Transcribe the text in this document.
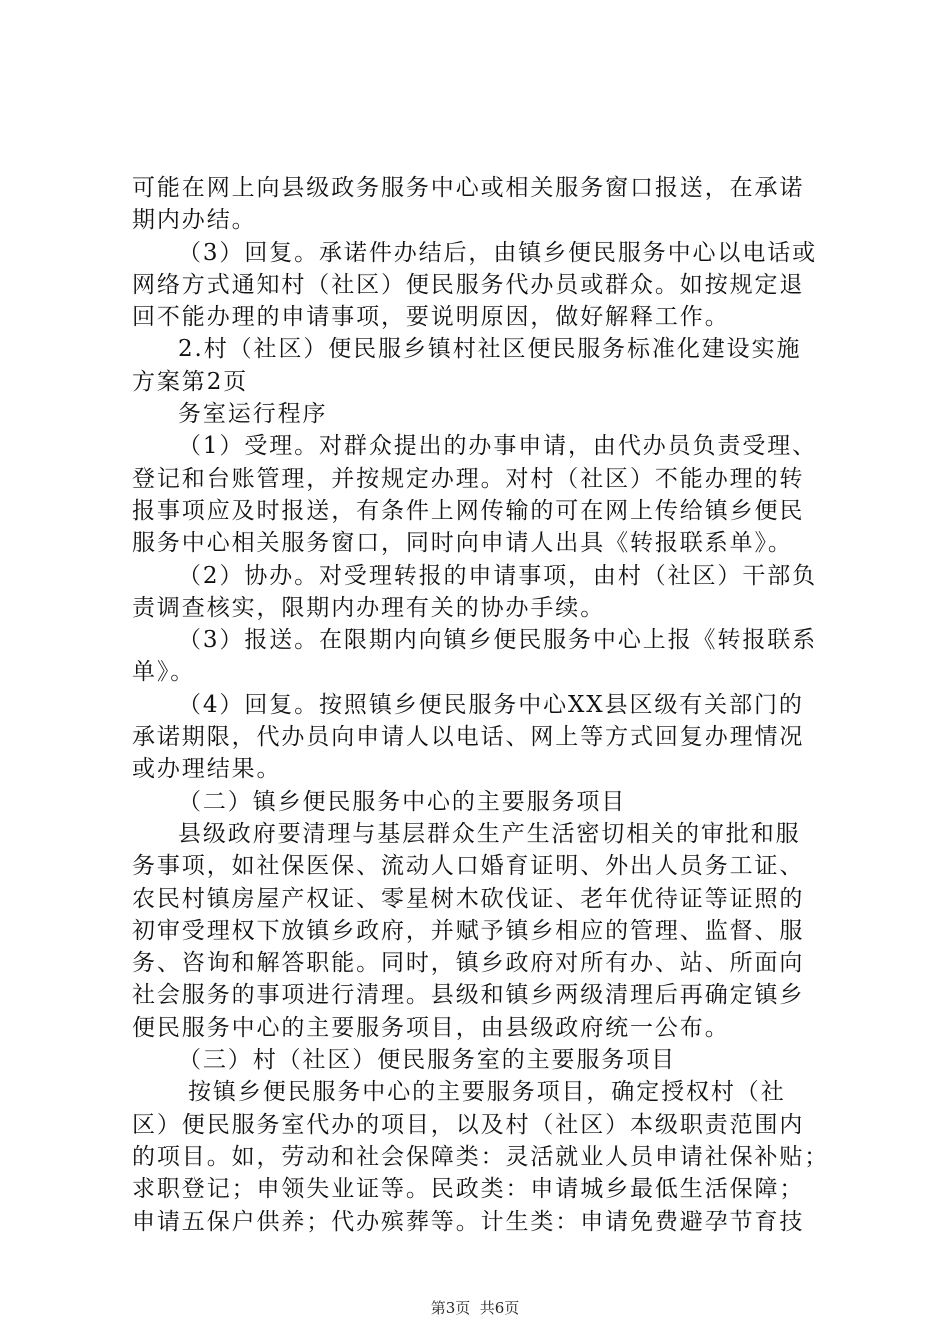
可能在网上向县级政务服务中心或相关服务窗口报送，在承诺
期内办结。
（3）回复。承诺件办结后，由镇乡便民服务中心以电话或
网络方式通知村（社区）便民服务代办员或群众。如按规定退
回不能办理的申请事项，要说明原因，做好解释工作。
2.村（社区）便民服乡镇村社区便民服务标准化建设实施
方案第2页
务室运行程序
（1）受理。对群众提出的办事申请，由代办员负责受理、
登记和台账管理，并按规定办理。对村（社区）不能办理的转
报事项应及时报送，有条件上网传输的可在网上传给镇乡便民
服务中心相关服务窗口，同时向申请人出具《转报联系单》。
（2）协办。对受理转报的申请事项，由村（社区）干部负
责调查核实，限期内办理有关的协办手续。
（3）报送。在限期内向镇乡便民服务中心上报《转报联系
单》。
（4）回复。按照镇乡便民服务中心XX县区级有关部门的
承诺期限，代办员向申请人以电话、网上等方式回复办理情况
或办理结果。
（二）镇乡便民服务中心的主要服务项目
县级政府要清理与基层群众生产生活密切相关的审批和服
务事项，如社保医保、流动人口婚育证明、外出人员务工证、
农民村镇房屋产权证、零星树木砍伐证、老年优待证等证照的
初审受理权下放镇乡政府，并赋予镇乡相应的管理、监督、服
务、咨询和解答职能。同时，镇乡政府对所有办、站、所面向
社会服务的事项进行清理。县级和镇乡两级清理后再确定镇乡
便民服务中心的主要服务项目，由县级政府统一公布。
（三）村（社区）便民服务室的主要服务项目
按镇乡便民服务中心的主要服务项目，确定授权村（社
区）便民服务室代办的项目，以及村（社区）本级职责范围内
的项目。如，劳动和社会保障类：灵活就业人员申请社保补贴；
求职登记；申领失业证等。民政类：申请城乡最低生活保障；
申请五保户供养；代办殡葬等。计生类：申请免费避孕节育技
第3页  共6页
